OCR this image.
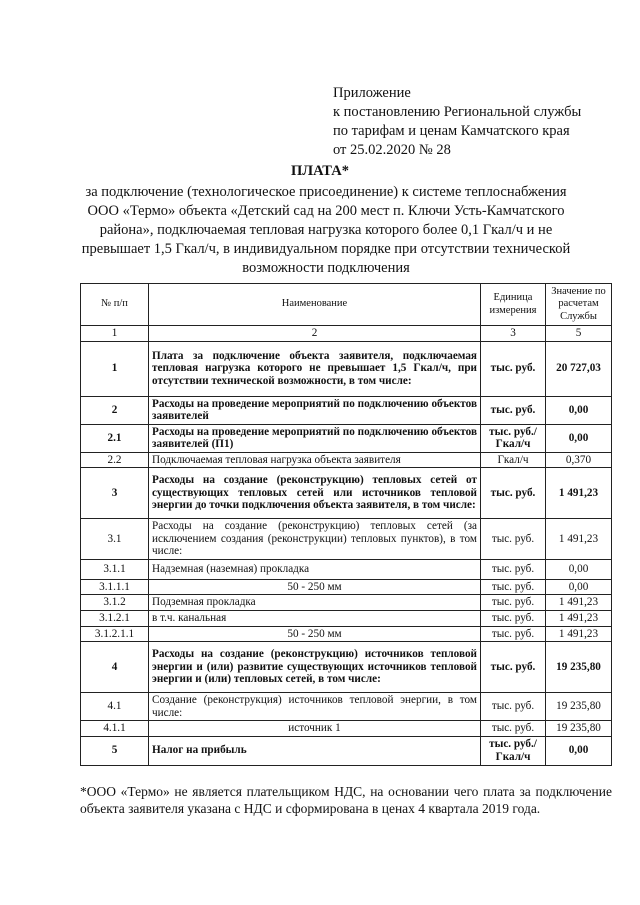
Приложение
к постановлению Региональной службы
по тарифам и ценам Камчатского края
от 25.02.2020 № 28
ПЛАТА*
за подключение (технологическое присоединение) к системе теплоснабжения ООО «Термо» объекта «Детский сад на 200 мест п. Ключи Усть-Камчатского района», подключаемая тепловая нагрузка которого более 0,1 Гкал/ч и не превышает 1,5 Гкал/ч, в индивидуальном порядке при отсутствии технической возможности подключения
№ п/п	Наименование	Единица измерения	Значение по расчетам Службы
1	2	3	5
1	Плата за подключение объекта заявителя, подключаемая тепловая нагрузка которого не превышает 1,5 Гкал/ч, при отсутствии технической возможности, в том числе:	тыс. руб.	20 727,03
2	Расходы на проведение мероприятий по подключению объектов заявителей	тыс. руб.	0,00
2.1	Расходы на проведение мероприятий по подключению объектов заявителей (П1)	тыс. руб./ Гкал/ч	0,00
2.2	Подключаемая тепловая нагрузка объекта заявителя	Гкал/ч	0,370
3	Расходы на создание (реконструкцию) тепловых сетей от существующих тепловых сетей или источников тепловой энергии до точки подключения объекта заявителя, в том числе:	тыс. руб.	1 491,23
3.1	Расходы на создание (реконструкцию) тепловых сетей (за исключением создания (реконструкции) тепловых пунктов), в том числе:	тыс. руб.	1 491,23
3.1.1	Надземная (наземная) прокладка	тыс. руб.	0,00
3.1.1.1	50 - 250 мм	тыс. руб.	0,00
3.1.2	Подземная прокладка	тыс. руб.	1 491,23
3.1.2.1	в т.ч. канальная	тыс. руб.	1 491,23
3.1.2.1.1	50 - 250 мм	тыс. руб.	1 491,23
4	Расходы на создание (реконструкцию) источников тепловой энергии и (или) развитие существующих источников тепловой энергии и (или) тепловых сетей, в том числе:	тыс. руб.	19 235,80
4.1	Создание (реконструкция) источников тепловой энергии, в том числе:	тыс. руб.	19 235,80
4.1.1	источник 1	тыс. руб.	19 235,80
5	Налог на прибыль	тыс. руб./ Гкал/ч	0,00
*ООО «Термо» не является плательщиком НДС, на основании чего плата за подключение объекта заявителя указана с НДС и сформирована в ценах 4 квартала 2019 года.
